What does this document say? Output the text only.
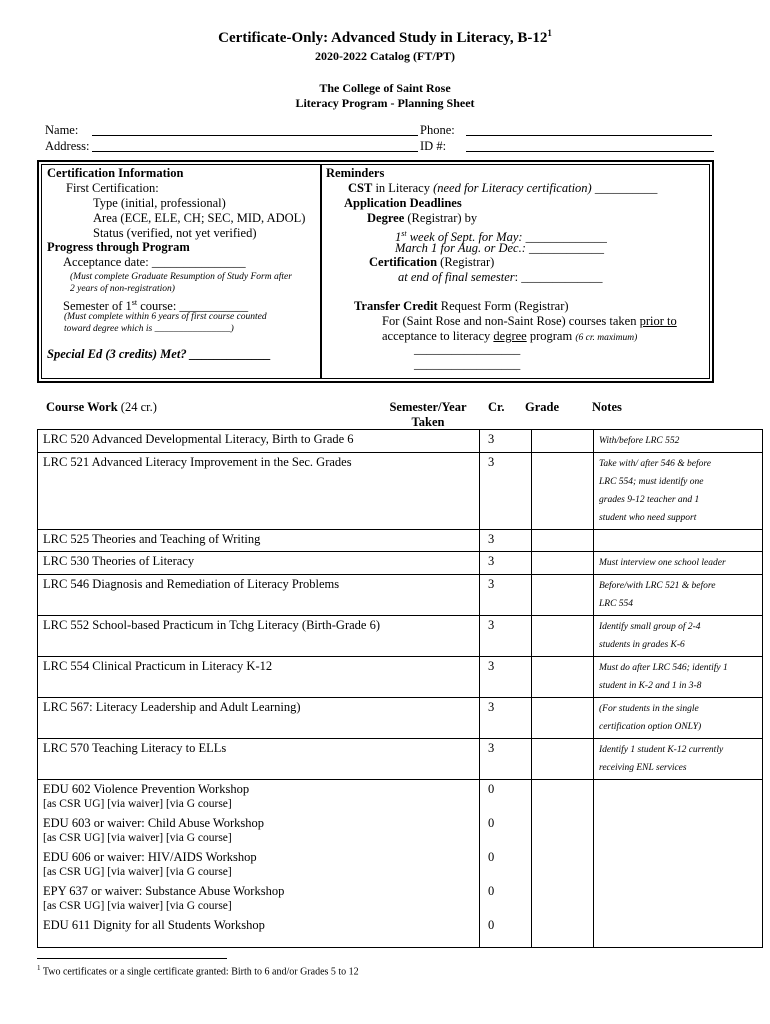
Certificate-Only: Advanced Study in Literacy, $B-12^1$
2020-2022 Catalog (FT/PT)
The College of Saint Rose
Literacy Program - Planning Sheet
Name:	Phone:
Address:	ID #:
Certification Information
First Certification:
Type (initial, professional)
Area (ECE, ELE, CH; SEC, MID, ADOL)
Status (verified, not yet verified)
Progress through Program
Acceptance date: _______________
(Must complete Graduate Resumption of Study Form after
2 years of non-registration)
Semester of 1st course: ___________
(Must complete within 6 years of first course counted
toward degree which is ________________)
Special Ed (3 credits) Met? _____________
Reminders
CST in Literacy (need for Literacy certification) __________
Application Deadlines
Degree (Registrar) by
1st week of Sept. for May: _____________
March 1 for Aug. or Dec.: ____________
Certification (Registrar)
at end of final semester: _____________
Transfer Credit Request Form (Registrar)
For (Saint Rose and non-Saint Rose) courses taken prior to
acceptance to literacy degree program (6 cr. maximum)
_________________
_________________
Course Work (24 cr.)	Semester/Year
Taken
Cr. Grade	Notes
LRC 520 Advanced Developmental Literacy, Birth to Grade 6	3		With/before LRC 552

LRC 521 Advanced Literacy Improvement in the Sec. Grades	3		Take with/ after 546 & before
LRC 554; must identify one
grades 9-12 teacher and 1
student who need support

LRC 525 Theories and Teaching of Writing	3		
LRC 530 Theories of Literacy	3		Must interview one school leader

LRC 546 Diagnosis and Remediation of Literacy Problems	3		Before/with LRC 521 & before
LRC 554

LRC 552 School-based Practicum in Tchg Literacy (Birth-Grade 6)	3		Identify small group of 2-4
students in grades K-6

LRC 554 Clinical Practicum in Literacy K-12	3		Must do after LRC 546; identify 1
student in K-2 and 1 in 3-8

LRC 567: Literacy Leadership and Adult Learning)	3		(For students in the single
certification option ONLY)

LRC 570 Teaching Literacy to ELLs	3		Identify 1 student K-12 currently
receiving ENL services

EDU 602 Violence Prevention Workshop
[as CSR UG] [via waiver] [via G course]	0		

EDU 603 or waiver: Child Abuse Workshop
[as CSR UG] [via waiver] [via G course]	0		

EDU 606 or waiver: HIV/AIDS Workshop
[as CSR UG] [via waiver] [via G course]	0		

EPY 637 or waiver: Substance Abuse Workshop
[as CSR UG] [via waiver] [via G course]	0		

EDU 611 Dignity for all Students Workshop	0		
$^1$ Two certificates or a single certificate granted: Birth to 6 and/or Grades 5 to 12
